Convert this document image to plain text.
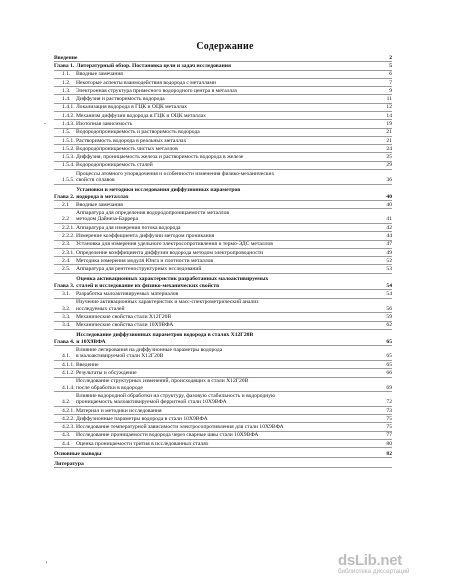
Содержание
Введение	2
Глава 1. Литературный обзор. Постановка цели и задач исследования	5
1.1.	Вводные замечания	6
1.2.	Некоторые аспекты взаимодействия водорода с металлами	7
1.3.	Электронная структура примесного водородного центра в металлах	9
1.4.	Диффузия и растворимость водорода	11
1.4.1. Локализация водорода в ГЦК и ОЦК металлах	12
1.4.2. Механизм диффузии водорода в ГЦК и ОЦК металлах	14
1.4.3. Изотопная зависимость	19
1.5.	Водородопроницаемость и растворимость водорода	21
1.5.1. Растворимость водорода в реальных металлах	21
1.5.2. Водородопроницаемость чистых металлов	24
1.5.3. Диффузия, проницаемость железа и растворимость водорода в железе	25
1.5.4. Водородопроницаемость сталей	29
1.5.5.
Процессы атомного упорядочения и особенности изменения физико-механических
свойств сплавов	36
Глава 2.
Установки и методики исследования диффузионных параметров
водорода в металлах	40
2.1	Вводные замечания	40
2.2
Аппаратура для определения водородопроницаемости металлов
методом Дайнеза-Баррера	41
2.2.1. Аппаратура для измерения потока водорода	42
2.2.2. Измерение коэффициента диффузии методом проникания	44
2.3.	Установка для измерения удельного электросопротивления и термо-ЭДС металлов	47
2.3.1. Определение коэффициента диффузии водорода методом электропроводности	49
2.4.	Методика измерения модуля Юнга и плотности металлов	52
2.5.	Аппаратура для рентгеноструктурных исследований	53
Глава 3.
Оценка активационных характеристик разработанных малоактивируемых
сталей и исследование их физико-механических свойств	54
3.1.	Разработка малоактивируемых материалов	54
3.2.
Изучение активационных характеристик и масс-спектрометрический анализ
исследуемых сталей	56
3.3.	Механические свойства стали Х12Г20В	59
3.4.	Механические свойства стали 10Х9ВФА	62
Глава 4.
Исследование диффузионных параметров водорода в сталях Х12Г20В
и 10Х9ВФА	65
4.1.
Влияние легирования на диффузионные параметры водорода
в малоактивируемой стали Х12Г20В	65
4.1.1. Введение	65
4.1.2. Результаты и обсуждение	66
4.1.4.
Исследование структурных изменений, происходящих в стали Х12Г20В
после обработки в водороде	69
4.2.
Влияние водородной обработки на структуру, фазовую стабильность и водородную
проницаемость малоактивируемой ферритной стали 10Х9ВФА	72
4.2.1. Материал и методики исследования	73
4.2.2. Диффузионные параметры водорода в стали 10Х9ВФА	75
4.2.3. Исследование температурной зависимости электросопротивления для стали 10Х9ВФА	75
4.3.	Исследование проницаемости водорода через сварные швы стали 10Х9ВФА	77
4.4.	Оценка проницаемости трития в исследованных сталях	80
Основные выводы	82
Литература
.
'	dsLib.net
библиотека диссертаций
